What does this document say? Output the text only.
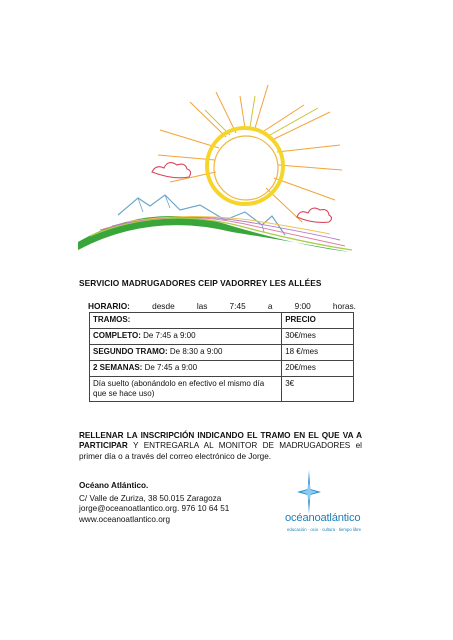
SERVICIO MADRUGADORES CEIP VADORREY LES ALLÉES
HORARIO:	desde	las	7:45	a	9:00	horas.
TRAMOS:	PRECIO
COMPLETO: De 7:45 a 9:00	30€/mes
SEGUNDO TRAMO: De 8:30 a 9:00	18 €/mes
2 SEMANAS: De 7:45 a 9:00	20€/mes
Día suelto (abonándolo en efectivo el mismo día que se hace uso)	3€
RELLENAR LA INSCRIPCIÓN INDICANDO EL TRAMO EN EL QUE VA A PARTICIPAR Y ENTREGARLA AL MONITOR DE MADRUGADORES el primer día o a través del correo electrónico de Jorge.
Océano Atlántico.
C/ Valle de Zuriza, 38 50.015 Zaragoza
jorge@oceanoatlantico.org. 976 10 64 51
www.oceanoatlantico.org	océanoatlántico
educación · ocio · cultura · tiempo libre
